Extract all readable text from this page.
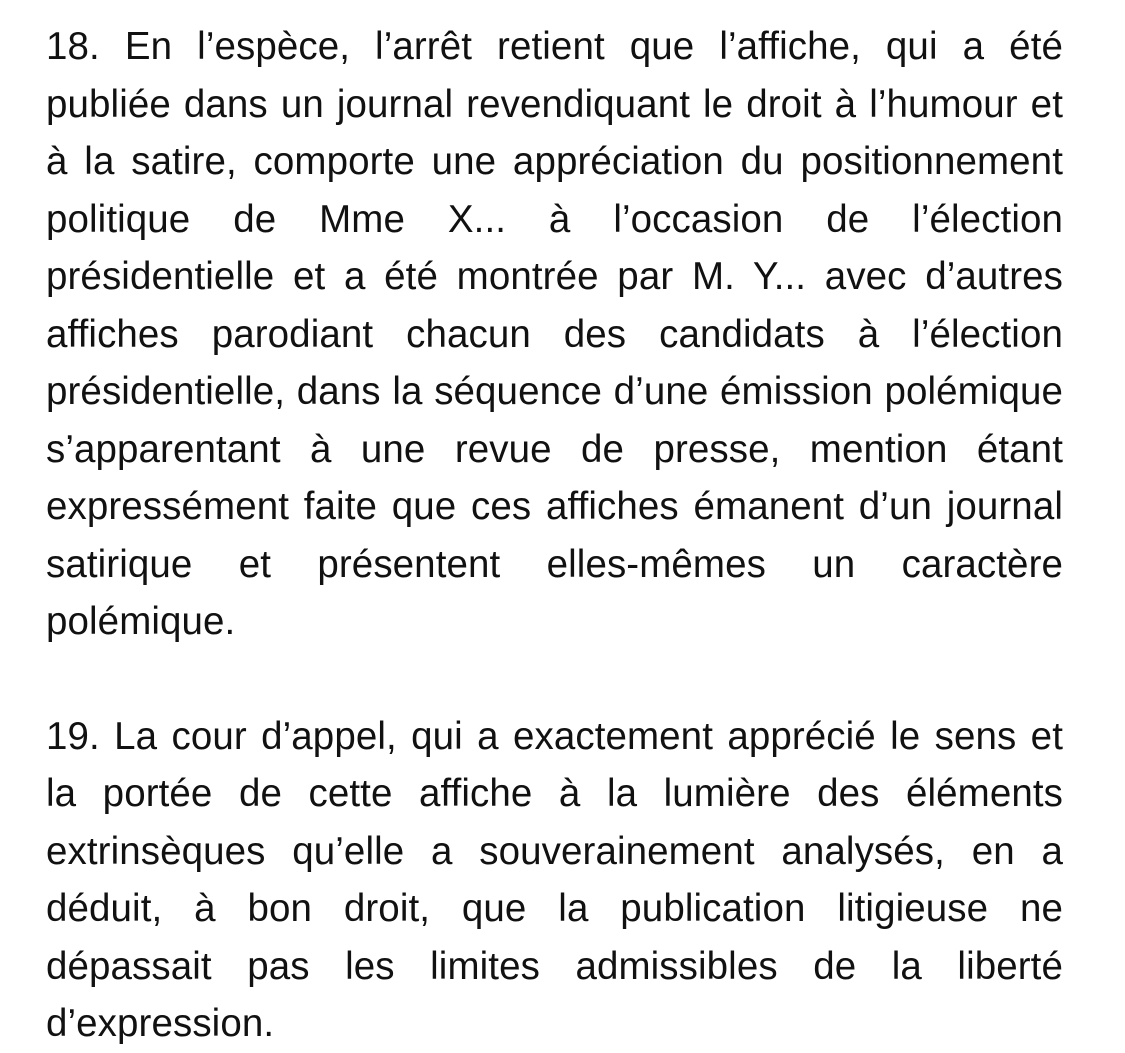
18. En l’espèce, l’arrêt retient que l’affiche, qui a été publiée dans un journal revendiquant le droit à l’humour et à la satire, comporte une appréciation du positionnement politique de Mme X... à l’occasion de l’élection présidentielle et a été montrée par M. Y... avec d’autres affiches parodiant chacun des candidats à l’élection présidentielle, dans la séquence d’une émission polémique s’apparentant à une revue de presse, mention étant expressément faite que ces affiches émanent d’un journal satirique et présentent elles-mêmes un caractère polémique.

19. La cour d’appel, qui a exactement apprécié le sens et la portée de cette affiche à la lumière des éléments extrinsèques qu’elle a souverainement analysés, en a déduit, à bon droit, que la publication litigieuse ne dépassait pas les limites admissibles de la liberté d’expression.
